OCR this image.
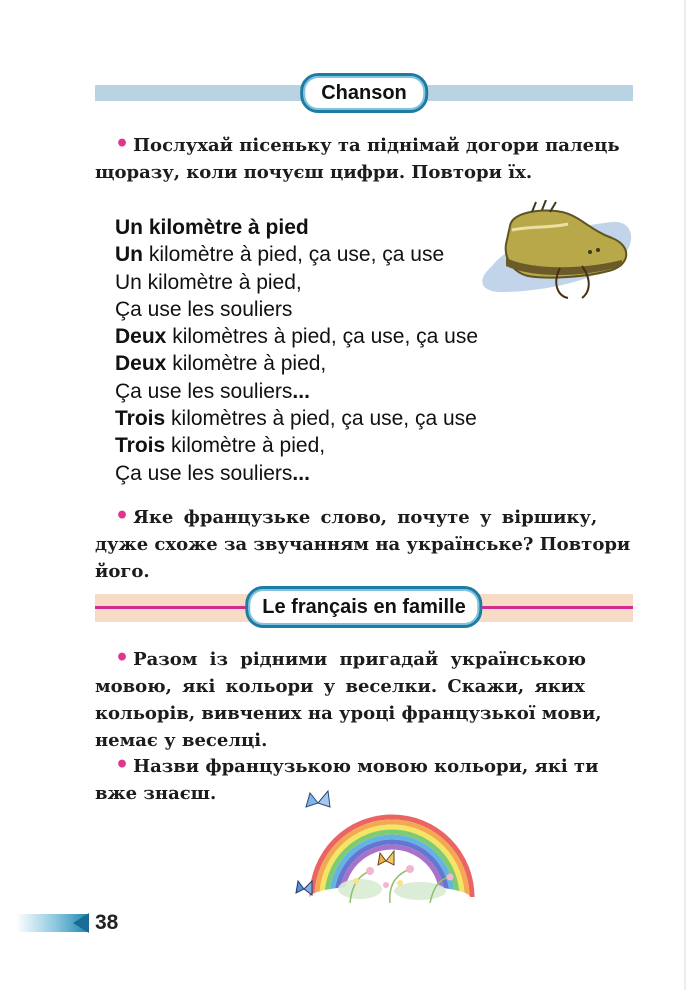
Chanson
• Послухай пісеньку та піднімай догори палець
щоразу, коли почуєш цифри. Повтори їх.
Un kilomètre à pied
Un kilomètre à pied, ça use, ça use
Un kilomètre à pied,
Ça use les souliers
Deux kilomètres à pied, ça use, ça use
Deux kilomètre à pied,
Ça use les souliers...
Trois kilomètres à pied, ça use, ça use
Trois kilomètre à pied,
Ça use les souliers...
• Яке французьке слово, почуте у віршику,
дуже схоже за звучанням на українське? Повтори
його.
Le français en famille
• Разом із рідними пригадай українською
мовою, які кольори у веселки. Скажи, яких
кольорів, вивчених на уроці французької мови,
немає у веселці.
• Назви французькою мовою кольори, які ти
вже знаєш.
38
